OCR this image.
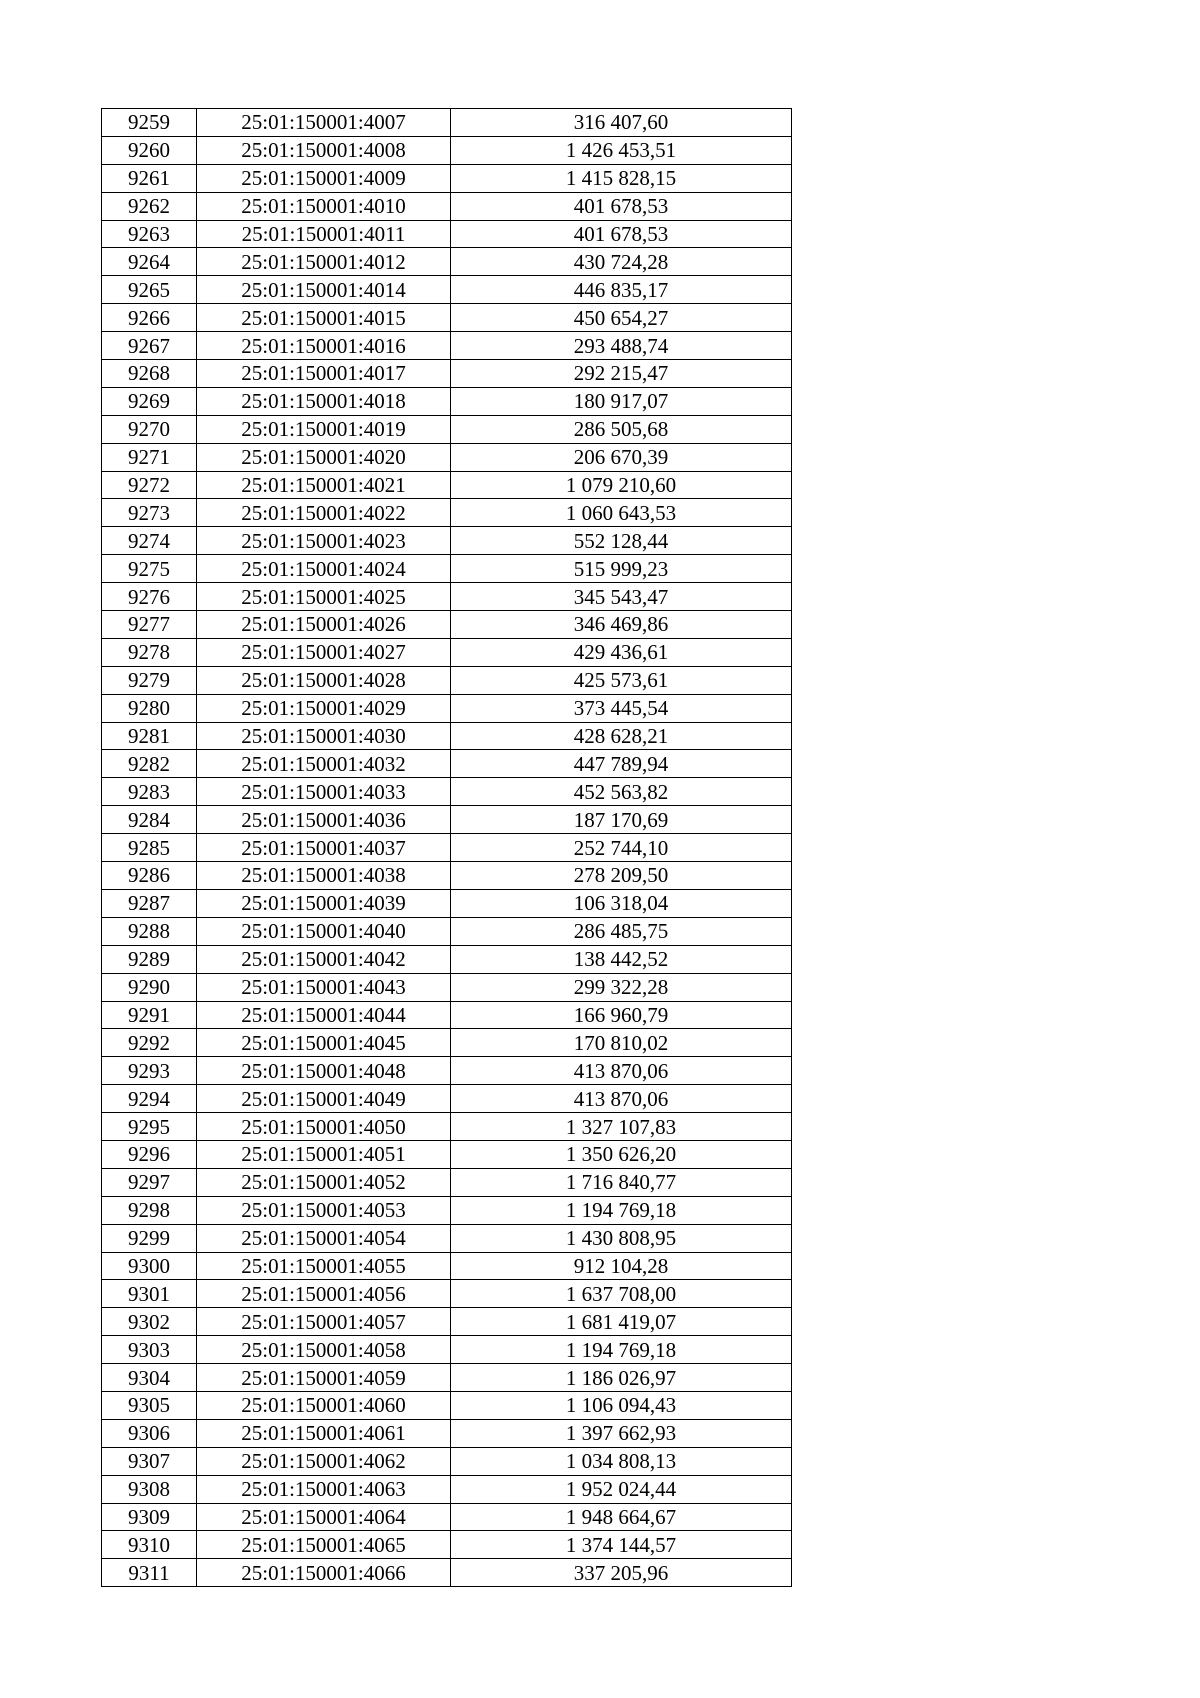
9259	25:01:150001:4007	316 407,60
9260	25:01:150001:4008	1 426 453,51
9261	25:01:150001:4009	1 415 828,15
9262	25:01:150001:4010	401 678,53
9263	25:01:150001:4011	401 678,53
9264	25:01:150001:4012	430 724,28
9265	25:01:150001:4014	446 835,17
9266	25:01:150001:4015	450 654,27
9267	25:01:150001:4016	293 488,74
9268	25:01:150001:4017	292 215,47
9269	25:01:150001:4018	180 917,07
9270	25:01:150001:4019	286 505,68
9271	25:01:150001:4020	206 670,39
9272	25:01:150001:4021	1 079 210,60
9273	25:01:150001:4022	1 060 643,53
9274	25:01:150001:4023	552 128,44
9275	25:01:150001:4024	515 999,23
9276	25:01:150001:4025	345 543,47
9277	25:01:150001:4026	346 469,86
9278	25:01:150001:4027	429 436,61
9279	25:01:150001:4028	425 573,61
9280	25:01:150001:4029	373 445,54
9281	25:01:150001:4030	428 628,21
9282	25:01:150001:4032	447 789,94
9283	25:01:150001:4033	452 563,82
9284	25:01:150001:4036	187 170,69
9285	25:01:150001:4037	252 744,10
9286	25:01:150001:4038	278 209,50
9287	25:01:150001:4039	106 318,04
9288	25:01:150001:4040	286 485,75
9289	25:01:150001:4042	138 442,52
9290	25:01:150001:4043	299 322,28
9291	25:01:150001:4044	166 960,79
9292	25:01:150001:4045	170 810,02
9293	25:01:150001:4048	413 870,06
9294	25:01:150001:4049	413 870,06
9295	25:01:150001:4050	1 327 107,83
9296	25:01:150001:4051	1 350 626,20
9297	25:01:150001:4052	1 716 840,77
9298	25:01:150001:4053	1 194 769,18
9299	25:01:150001:4054	1 430 808,95
9300	25:01:150001:4055	912 104,28
9301	25:01:150001:4056	1 637 708,00
9302	25:01:150001:4057	1 681 419,07
9303	25:01:150001:4058	1 194 769,18
9304	25:01:150001:4059	1 186 026,97
9305	25:01:150001:4060	1 106 094,43
9306	25:01:150001:4061	1 397 662,93
9307	25:01:150001:4062	1 034 808,13
9308	25:01:150001:4063	1 952 024,44
9309	25:01:150001:4064	1 948 664,67
9310	25:01:150001:4065	1 374 144,57
9311	25:01:150001:4066	337 205,96
